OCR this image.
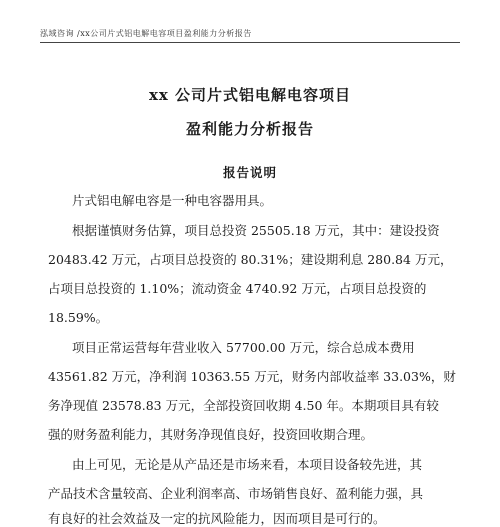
泓域咨询 /xx公司片式铝电解电容项目盈利能力分析报告
xx 公司片式铝电解电容项目
盈利能力分析报告
报告说明
片式铝电解电容是一种电容器用具。
根据谨慎财务估算，项目总投资 25505.18 万元，其中：建设投资
20483.42 万元，占项目总投资的 80.31%；建设期利息 280.84 万元，
占项目总投资的 1.10%；流动资金 4740.92 万元，占项目总投资的
18.59%。
项目正常运营每年营业收入 57700.00 万元，综合总成本费用
43561.82 万元，净利润 10363.55 万元，财务内部收益率 33.03%，财
务净现值 23578.83 万元，全部投资回收期 4.50 年。本期项目具有较
强的财务盈利能力，其财务净现值良好，投资回收期合理。
由上可见，无论是从产品还是市场来看，本项目设备较先进，其
产品技术含量较高、企业利润率高、市场销售良好、盈利能力强，具
有良好的社会效益及一定的抗风险能力，因而项目是可行的。
